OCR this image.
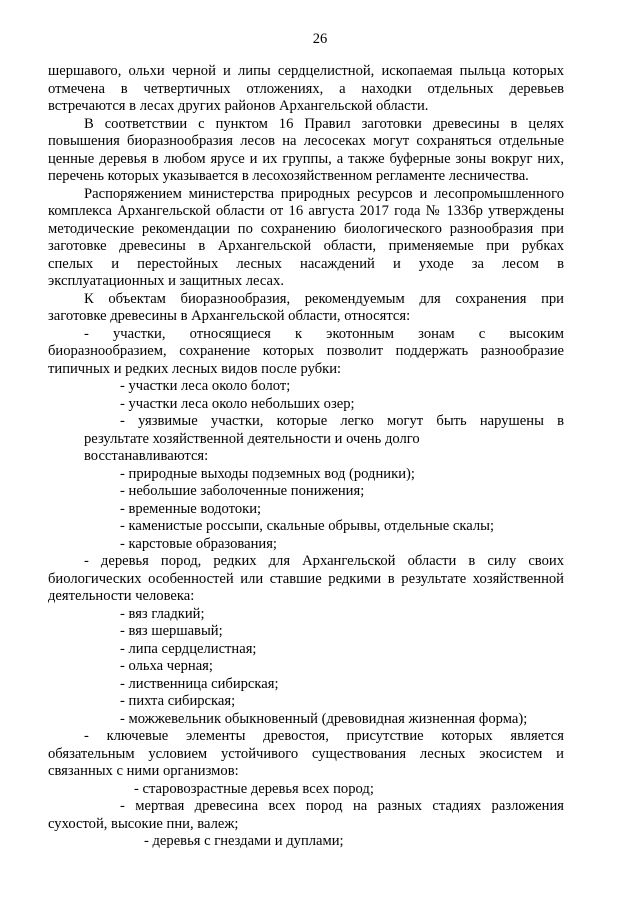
26

шершавого, ольхи черной и липы сердцелистной, ископаемая пыльца которых

отмечена в четвертичных отложениях, а находки отдельных деревьев

встречаются в лесах других районов Архангельской области.

В соответствии с пунктом 16 Правил заготовки древесины в целях

повышения биоразнообразия лесов на лесосеках могут сохраняться отдельные

ценные деревья в любом ярусе и их группы, а также буферные зоны вокруг них,

перечень которых указывается в лесохозяйственном регламенте лесничества.

Распоряжением министерства природных ресурсов и лесопромышленного

комплекса Архангельской области от 16 августа 2017 года № 1336р утверждены

методические рекомендации по сохранению биологического разнообразия при

заготовке древесины в Архангельской области, применяемые при рубках

спелых и перестойных лесных насаждений и уходе за лесом в

эксплуатационных и защитных лесах.

К объектам биоразнообразия, рекомендуемым для сохранения при

заготовке древесины в Архангельской области, относятся:

- участки, относящиеся к экотонным зонам с высоким

биоразнообразием, сохранение которых позволит поддержать разнообразие

типичных и редких лесных видов после рубки:

- участки леса около болот;

- участки леса около небольших озер;

- уязвимые участки, которые легко могут быть нарушены в

результате хозяйственной деятельности и очень долго

восстанавливаются:

- природные выходы подземных вод (родники);

- небольшие заболоченные понижения;

- временные водотоки;

- каменистые россыпи, скальные обрывы, отдельные скалы;

- карстовые образования;

- деревья пород, редких для Архангельской области в силу своих

биологических особенностей или ставшие редкими в результате хозяйственной

деятельности человека:

- вяз гладкий;

- вяз шершавый;

- липа сердцелистная;

- ольха черная;

- лиственница сибирская;

- пихта сибирская;

- можжевельник обыкновенный (древовидная жизненная форма);

- ключевые элементы древостоя, присутствие которых является

обязательным условием устойчивого существования лесных экосистем и

связанных с ними организмов:

- старовозрастные деревья всех пород;

- мертвая древесина всех пород на разных стадиях разложения

сухостой, высокие пни, валеж;

- деревья с гнездами и дуплами;
